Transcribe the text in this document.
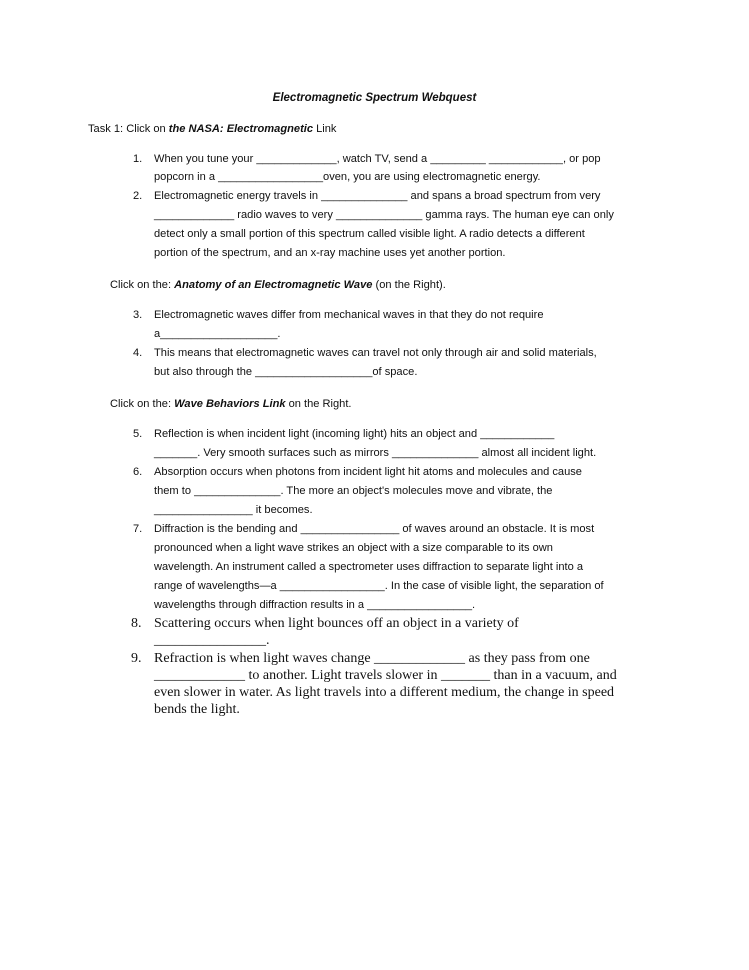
Electromagnetic Spectrum Webquest
Task 1: Click on the NASA: Electromagnetic Link
1. When you tune your _____________, watch TV, send a _________ ____________, or pop
popcorn in a _________________oven, you are using electromagnetic energy.
2. Electromagnetic energy travels in ______________ and spans a broad spectrum from very
_____________ radio waves to very ______________ gamma rays. The human eye can only
detect only a small portion of this spectrum called visible light. A radio detects a different
portion of the spectrum, and an x-ray machine uses yet another portion.
Click on the: Anatomy of an Electromagnetic Wave (on the Right).
3. Electromagnetic waves differ from mechanical waves in that they do not require
a___________________.
4. This means that electromagnetic waves can travel not only through air and solid materials,
but also through the ___________________of space.
Click on the: Wave Behaviors Link on the Right.
5. Reflection is when incident light (incoming light) hits an object and ____________
_______. Very smooth surfaces such as mirrors ______________ almost all incident light.
6. Absorption occurs when photons from incident light hit atoms and molecules and cause
them to ______________. The more an object's molecules move and vibrate, the
________________ it becomes.
7. Diffraction is the bending and ________________ of waves around an obstacle. It is most
pronounced when a light wave strikes an object with a size comparable to its own
wavelength. An instrument called a spectrometer uses diffraction to separate light into a
range of wavelengths—a _________________. In the case of visible light, the separation of
wavelengths through diffraction results in a _________________.
8. Scattering occurs when light bounces off an object in a variety of
________________.
9. Refraction is when light waves change _____________ as they pass from one
_____________ to another. Light travels slower in _______ than in a vacuum, and
even slower in water. As light travels into a different medium, the change in speed
bends the light.
